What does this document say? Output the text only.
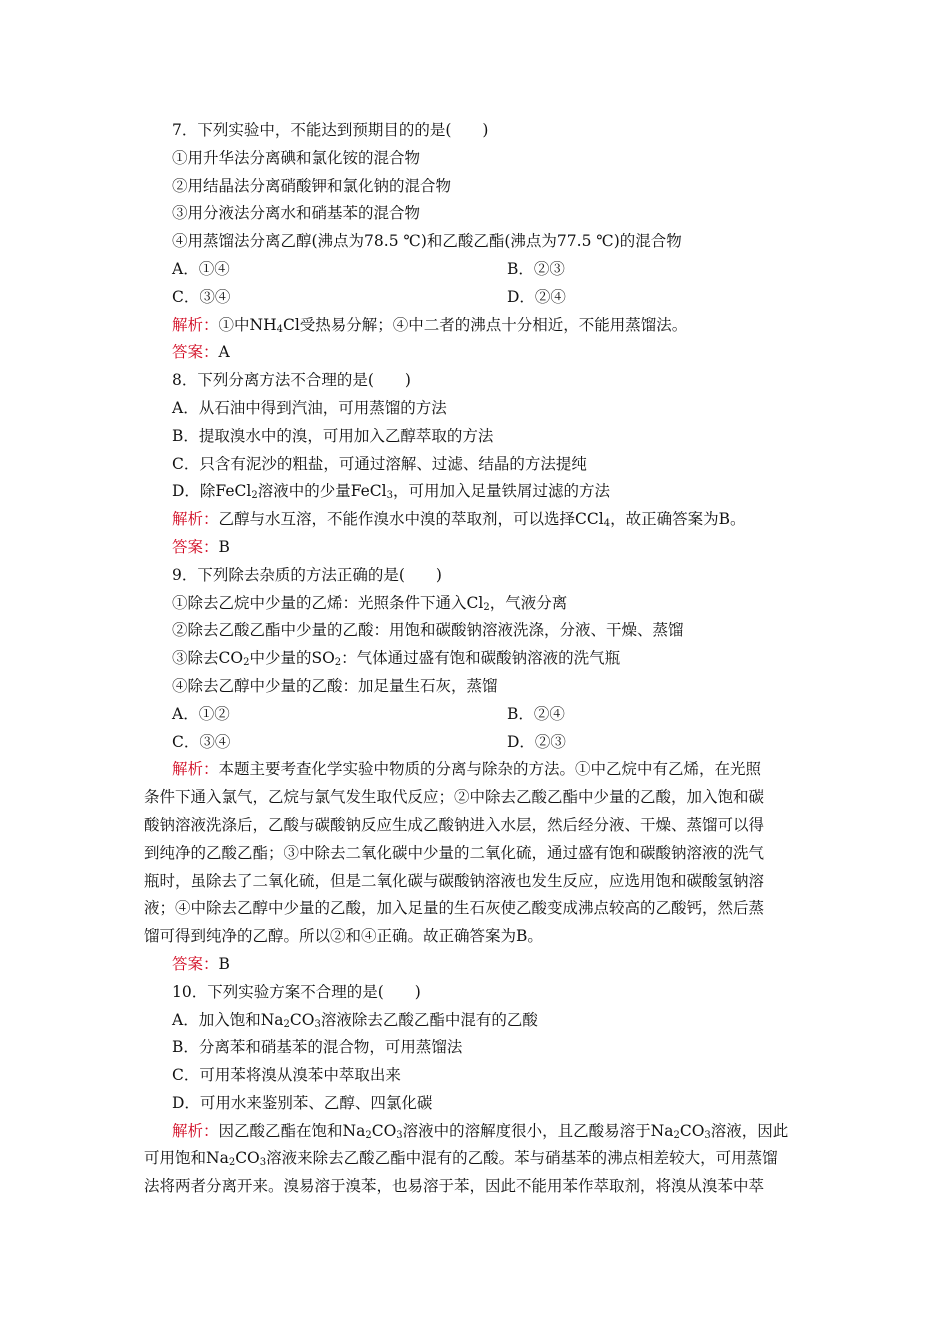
7．下列实验中，不能达到预期目的的是(　　)
①用升华法分离碘和氯化铵的混合物
②用结晶法分离硝酸钾和氯化钠的混合物
③用分液法分离水和硝基苯的混合物
④用蒸馏法分离乙醇(沸点为78.5 ℃)和乙酸乙酯(沸点为77.5 ℃)的混合物
A．①④	B．②③
C．③④	D．②④
解析：①中$NH_4Cl$受热易分解；④中二者的沸点十分相近，不能用蒸馏法。
答案：A
8．下列分离方法不合理的是(　　)
A．从石油中得到汽油，可用蒸馏的方法
B．提取溴水中的溴，可用加入乙醇萃取的方法
C．只含有泥沙的粗盐，可通过溶解、过滤、结晶的方法提纯
D．除FeCl$_2$溶液中的少量FeCl$_3$，可用加入足量铁屑过滤的方法
解析：乙醇与水互溶，不能作溴水中溴的萃取剂，可以选择CCl$_4$，故正确答案为B。
答案：B
9．下列除去杂质的方法正确的是(　　)
①除去乙烷中少量的乙烯：光照条件下通入$Cl_2$，气液分离
②除去乙酸乙酯中少量的乙酸：用饱和碳酸钠溶液洗涤，分液、干燥、蒸馏
③除去$CO_2$中少量的$SO_2$：气体通过盛有饱和碳酸钠溶液的洗气瓶
④除去乙醇中少量的乙酸：加足量生石灰，蒸馏
A．①②	B．②④
C．③④	D．②③
解析：本题主要考查化学实验中物质的分离与除杂的方法。①中乙烷中有乙烯，在光照
条件下通入氯气，乙烷与氯气发生取代反应；②中除去乙酸乙酯中少量的乙酸，加入饱和碳
酸钠溶液洗涤后，乙酸与碳酸钠反应生成乙酸钠进入水层，然后经分液、干燥、蒸馏可以得
到纯净的乙酸乙酯；③中除去二氧化碳中少量的二氧化硫，通过盛有饱和碳酸钠溶液的洗气
瓶时，虽除去了二氧化硫，但是二氧化碳与碳酸钠溶液也发生反应，应选用饱和碳酸氢钠溶
液；④中除去乙醇中少量的乙酸，加入足量的生石灰使乙酸变成沸点较高的乙酸钙，然后蒸
馏可得到纯净的乙醇。所以②和④正确。故正确答案为B。
答案：B
10．下列实验方案不合理的是(　　)
A．加入饱和$Na_2CO_3$溶液除去乙酸乙酯中混有的乙酸
B．分离苯和硝基苯的混合物，可用蒸馏法
C．可用苯将溴从溴苯中萃取出来
D．可用水来鉴别苯、乙醇、四氯化碳
解析：因乙酸乙酯在饱和$Na_2CO_3$溶液中的溶解度很小，且乙酸易溶于$Na_2CO_3$溶液，因此
可用饱和$Na_2CO_3$溶液来除去乙酸乙酯中混有的乙酸。苯与硝基苯的沸点相差较大，可用蒸馏
法将两者分离开来。溴易溶于溴苯，也易溶于苯，因此不能用苯作萃取剂，将溴从溴苯中萃
